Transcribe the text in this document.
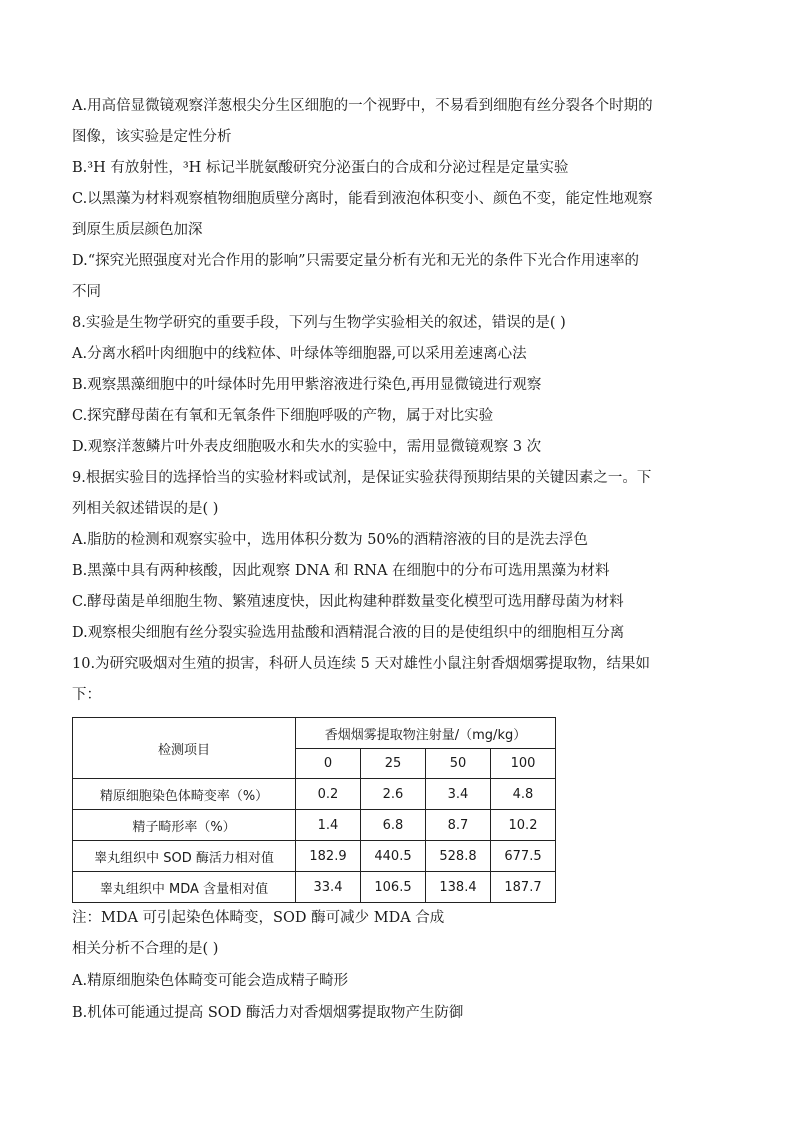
A.用高倍显微镜观察洋葱根尖分生区细胞的一个视野中，不易看到细胞有丝分裂各个时期的
图像，该实验是定性分析
B.³H 有放射性，³H 标记半胱氨酸研究分泌蛋白的合成和分泌过程是定量实验
C.以黑藻为材料观察植物细胞质壁分离时，能看到液泡体积变小、颜色不变，能定性地观察
到原生质层颜色加深
D.“探究光照强度对光合作用的影响”只需要定量分析有光和无光的条件下光合作用速率的
不同
8.实验是生物学研究的重要手段，下列与生物学实验相关的叙述，错误的是( )
A.分离水稻叶肉细胞中的线粒体、叶绿体等细胞器,可以采用差速离心法
B.观察黑藻细胞中的叶绿体时先用甲紫溶液进行染色,再用显微镜进行观察
C.探究酵母菌在有氧和无氧条件下细胞呼吸的产物，属于对比实验
D.观察洋葱鳞片叶外表皮细胞吸水和失水的实验中，需用显微镜观察 3 次
9.根据实验目的选择恰当的实验材料或试剂，是保证实验获得预期结果的关键因素之一。下
列相关叙述错误的是( )
A.脂肪的检测和观察实验中，选用体积分数为 50%的酒精溶液的目的是洗去浮色
B.黑藻中具有两种核酸，因此观察 DNA 和 RNA 在细胞中的分布可选用黑藻为材料
C.酵母菌是单细胞生物、繁殖速度快，因此构建种群数量变化模型可选用酵母菌为材料
D.观察根尖细胞有丝分裂实验选用盐酸和酒精混合液的目的是使组织中的细胞相互分离
10.为研究吸烟对生殖的损害，科研人员连续 5 天对雄性小鼠注射香烟烟雾提取物，结果如
下：
检测项目	香烟烟雾提取物注射量/（mg/kg）			
	0	25	50	100
精原细胞染色体畸变率（%）	0.2	2.6	3.4	4.8
精子畸形率（%）	1.4	6.8	8.7	10.2
睾丸组织中 SOD 酶活力相对值	182.9	440.5	528.8	677.5
睾丸组织中 MDA 含量相对值	33.4	106.5	138.4	187.7
注：MDA 可引起染色体畸变，SOD 酶可减少 MDA 合成
相关分析不合理的是( )
A.精原细胞染色体畸变可能会造成精子畸形
B.机体可能通过提高 SOD 酶活力对香烟烟雾提取物产生防御
